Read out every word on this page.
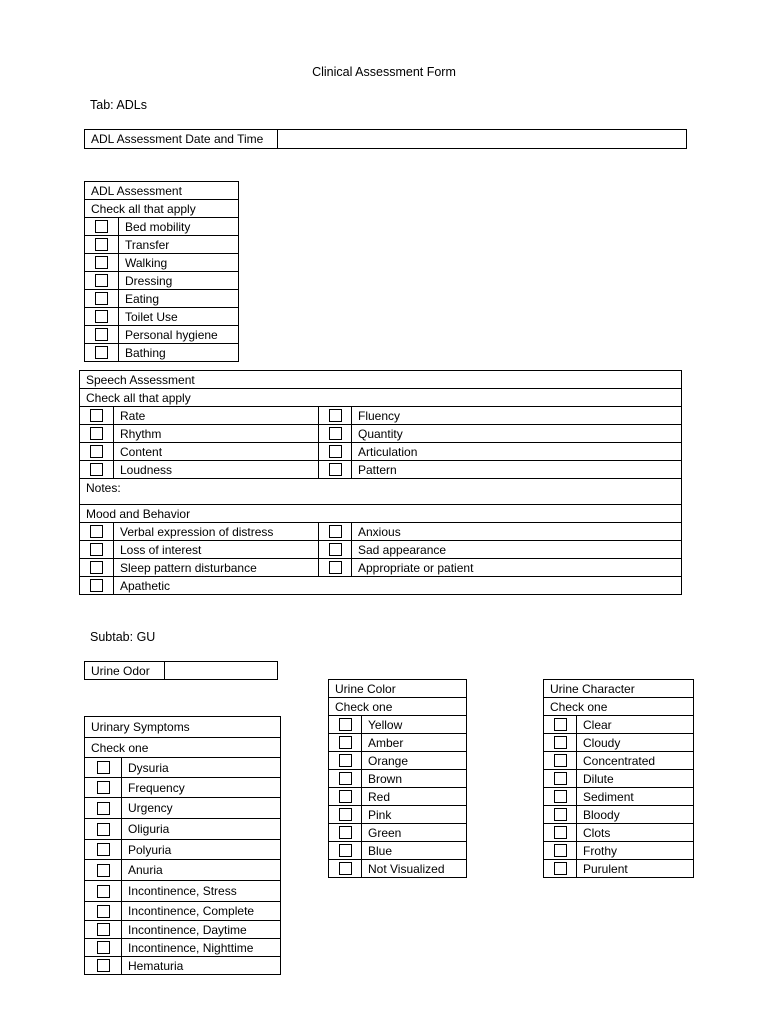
Clinical Assessment Form
Tab: ADLs
ADL Assessment Date and Time	
ADL Assessment	
Check all that apply	
	Bed mobility
	Transfer
	Walking
	Dressing
	Eating
	Toilet Use
	Personal hygiene
	Bathing
Speech Assessment			
Check all that apply			
	Rate		Fluency
	Rhythm		Quantity
	Content		Articulation
	Loudness		Pattern
Notes:			
Mood and Behavior			
	Verbal expression of distress		Anxious
	Loss of interest		Sad appearance
	Sleep pattern disturbance		Appropriate or patient
	Apathetic		
Subtab: GU
Urine Odor	
Urine Color	
Check one	
	Yellow
	Amber
	Orange
	Brown
	Red
	Pink
	Green
	Blue
	Not Visualized
Urine Character	
Check one	
	Clear
	Cloudy
	Concentrated
	Dilute
	Sediment
	Bloody
	Clots
	Frothy
	Purulent
Urinary Symptoms	
Check one	
	Dysuria
	Frequency
	Urgency
	Oliguria
	Polyuria
	Anuria
	Incontinence, Stress
	Incontinence, Complete
	Incontinence, Daytime
	Incontinence, Nighttime
	Hematuria
